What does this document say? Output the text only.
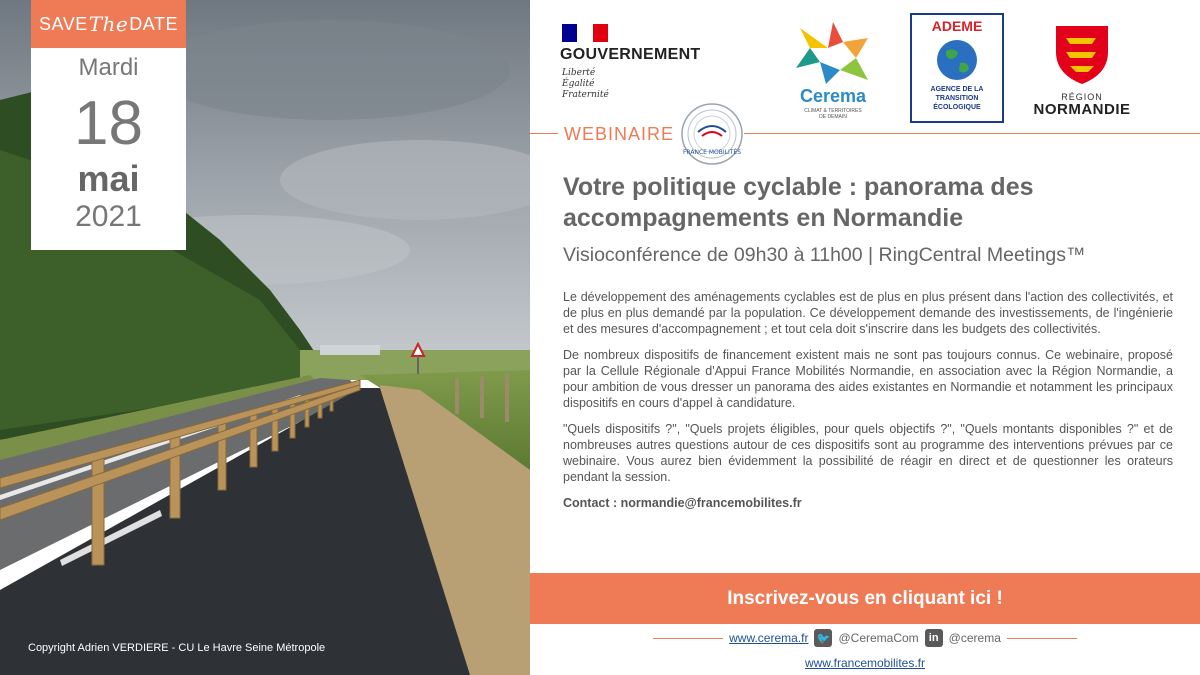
SAVE The DATE
Mardi
18
mai
2021
Copyright Adrien VERDIERE - CU Le Havre Seine Métropole
GOUVERNEMENT
Liberté
Égalité
Fraternité	Cerema
CLIMAT & TERRITOIRES
DE DEMAIN
ADEME
AGENCE DE LA
TRANSITION
ÉCOLOGIQUE
RÉGION
NORMANDIE
WEBINAIRE
FRANCE MOBILITÉS
Votre politique cyclable : panorama des
accompagnements en Normandie
Visioconférence de 09h30 à 11h00 | RingCentral Meetings™

Le développement des aménagements cyclables est de plus en plus présent dans l'action des collectivités, et de plus en plus demandé par la population. Ce développement demande des investissements, de l'ingénierie et des mesures d'accompagnement ; et tout cela doit s'inscrire dans les budgets des collectivités.

De nombreux dispositifs de financement existent mais ne sont pas toujours connus. Ce webinaire, proposé par la Cellule Régionale d'Appui France Mobilités Normandie, en association avec la Région Normandie, a pour ambition de vous dresser un panorama des aides existantes en Normandie et notamment les principaux dispositifs en cours d'appel à candidature.

"Quels dispositifs ?", "Quels projets éligibles, pour quels objectifs ?", "Quels montants disponibles ?" et de nombreuses autres questions autour de ces dispositifs sont au programme des interventions prévues par ce webinaire. Vous aurez bien évidemment la possibilité de réagir en direct et de questionner les orateurs pendant la session.

Contact : normandie@francemobilites.fr
Inscrivez-vous en cliquant ici !
www.cerema.fr 🐦 @CeremaCom in @cerema
www.francemobilites.fr
